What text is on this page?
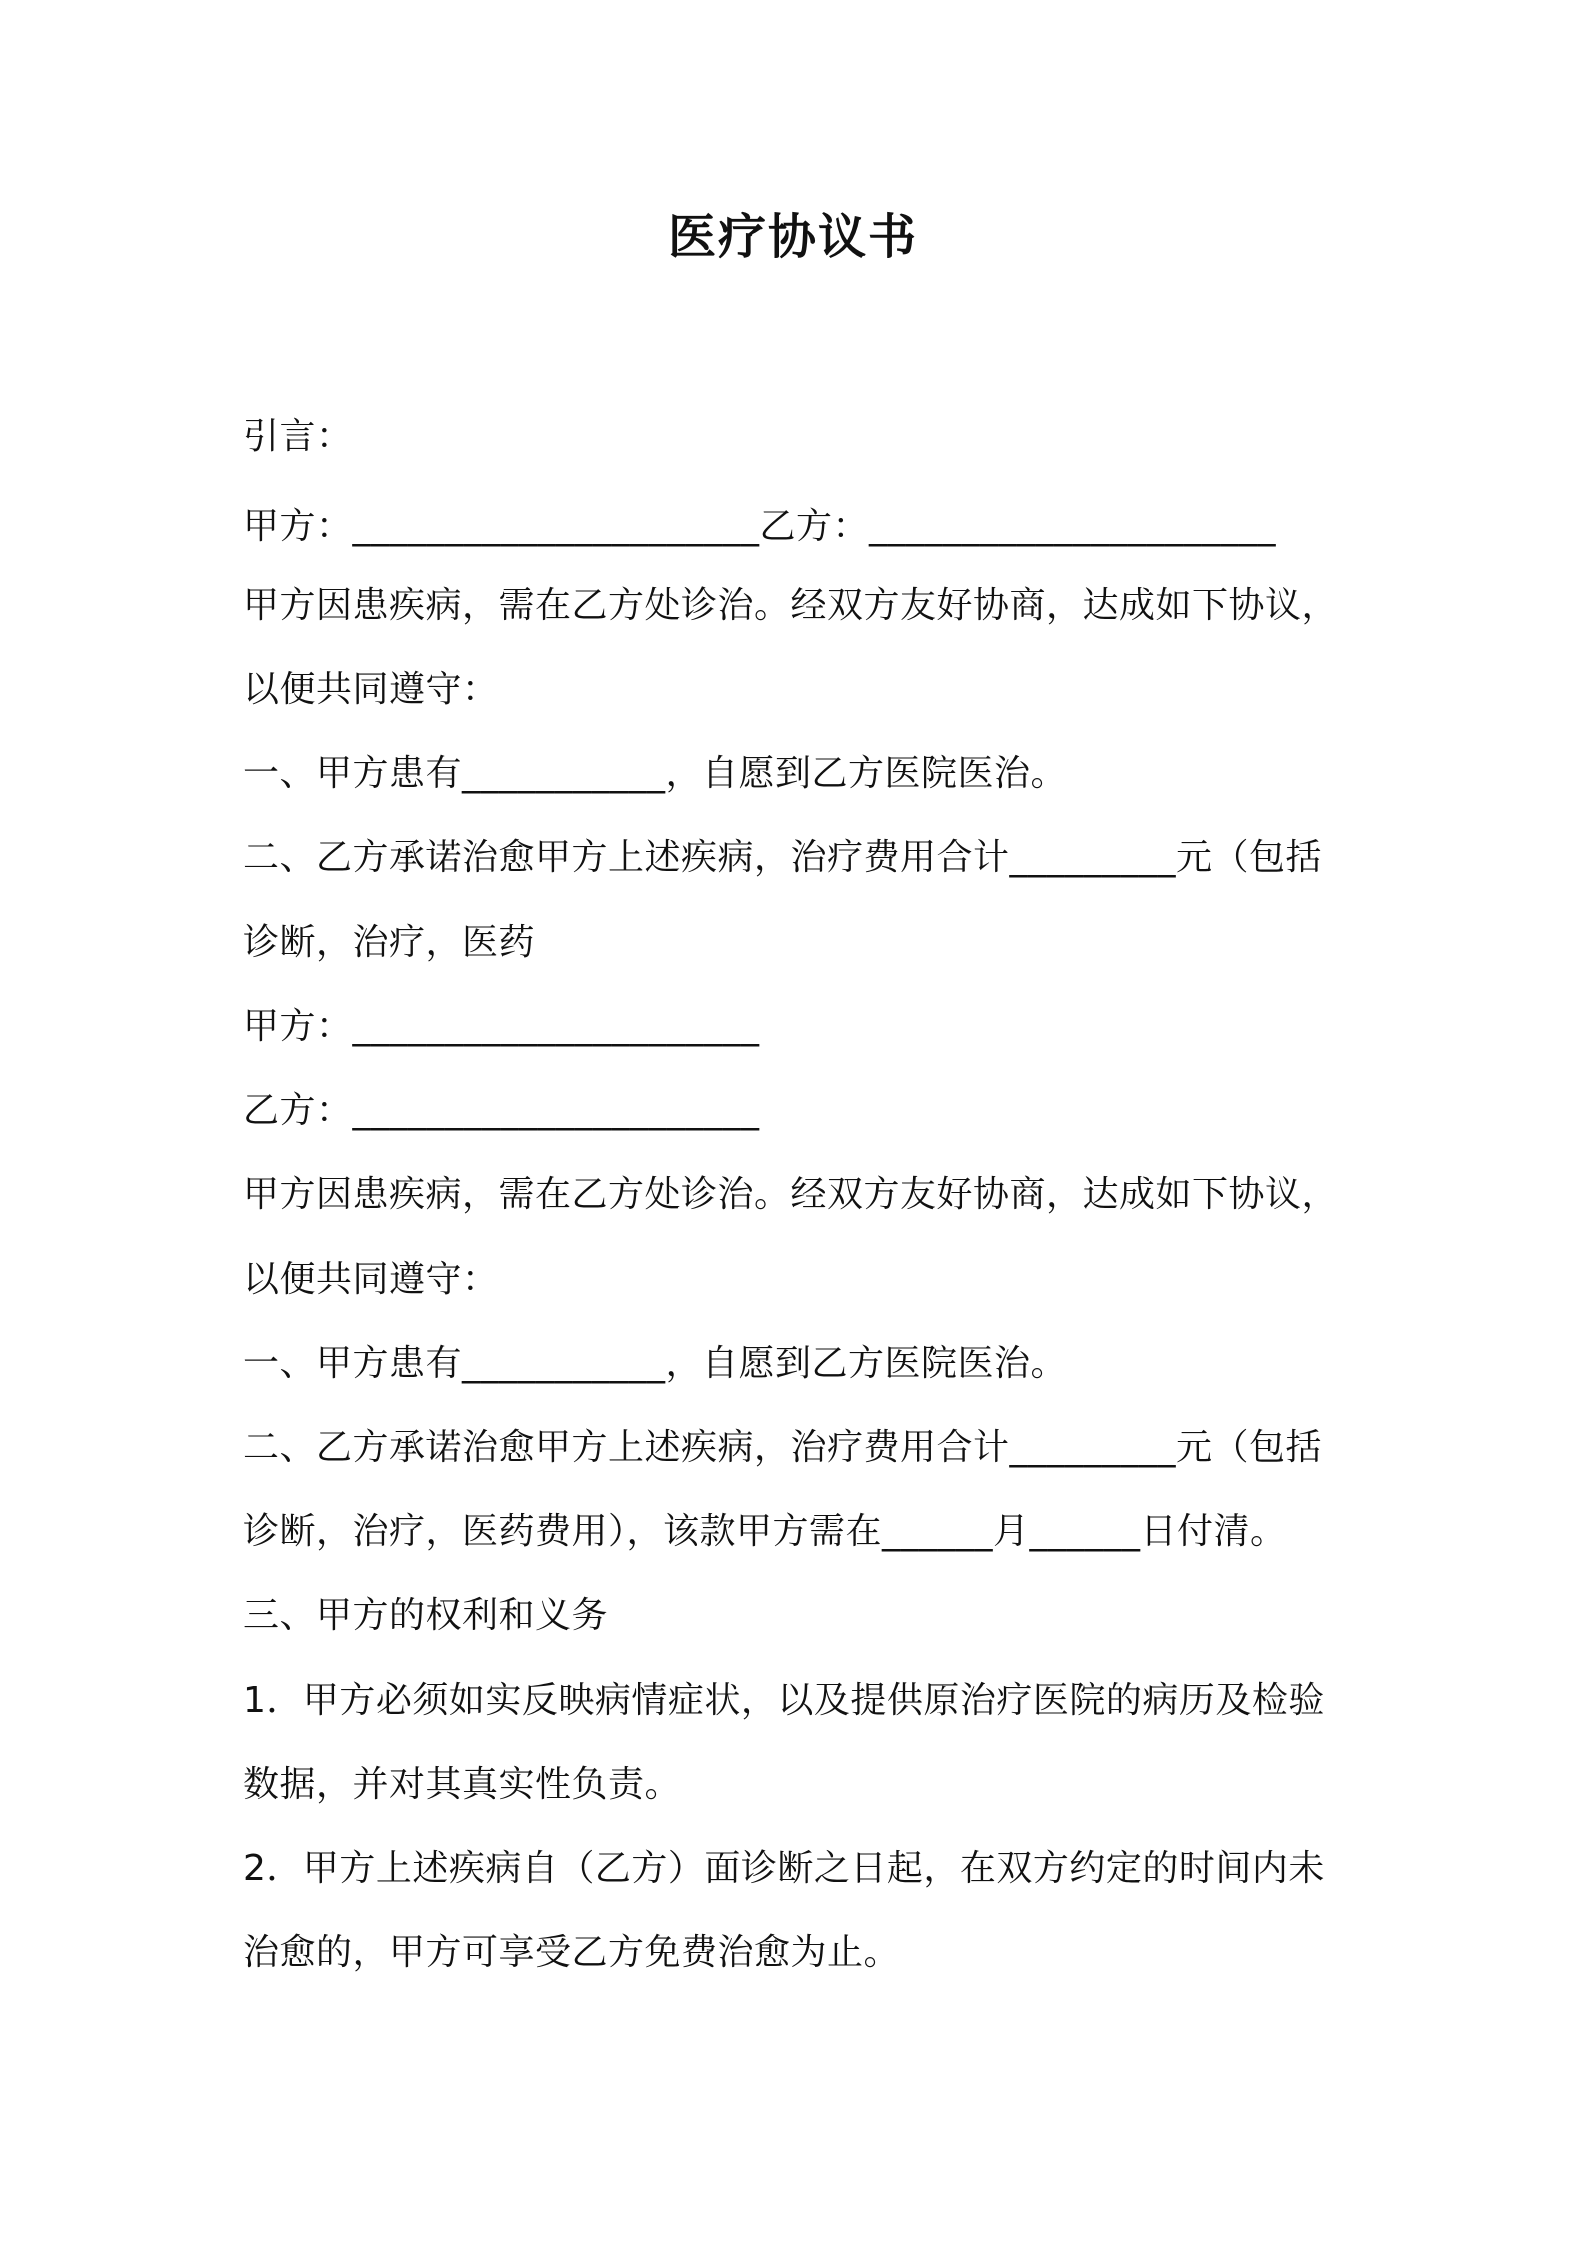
医疗协议书
引言：
甲方：______________________乙方：______________________
甲方因患疾病，需在乙方处诊治。经双方友好协商，达成如下协议，
以便共同遵守：
一、甲方患有___________，自愿到乙方医院医治。
二、乙方承诺治愈甲方上述疾病，治疗费用合计_________元（包括
诊断，治疗，医药
甲方：______________________
乙方：______________________
甲方因患疾病，需在乙方处诊治。经双方友好协商，达成如下协议，
以便共同遵守：
一、甲方患有___________，自愿到乙方医院医治。
二、乙方承诺治愈甲方上述疾病，治疗费用合计_________元（包括
诊断，治疗，医药费用），该款甲方需在______月______日付清。
三、甲方的权利和义务
1．甲方必须如实反映病情症状，以及提供原治疗医院的病历及检验
数据，并对其真实性负责。
2．甲方上述疾病自（乙方）面诊断之日起，在双方约定的时间内未
治愈的，甲方可享受乙方免费治愈为止。
